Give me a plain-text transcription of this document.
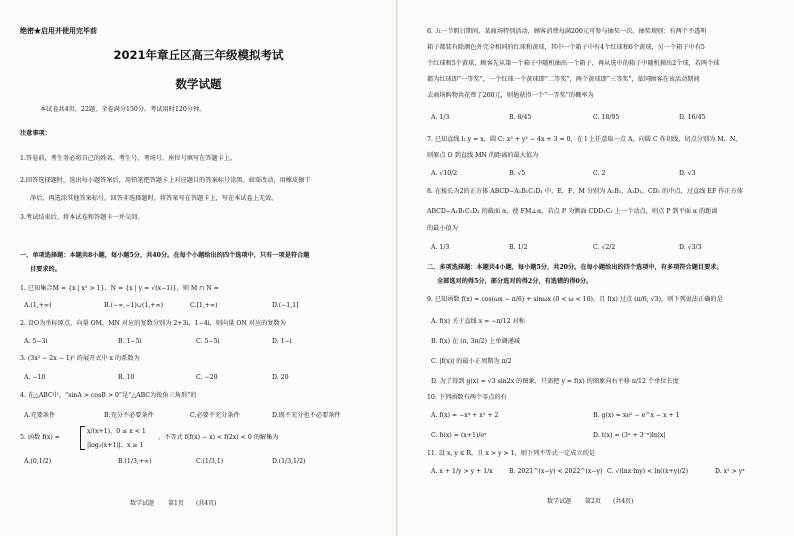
绝密★启用并使用完毕前
2021年章丘区高三年级模拟考试
数学试题
本试卷共4页，22题，全卷满分150分。考试用时120分钟。
注意事项：
1.答卷前，考生务必将自己的姓名、考生号、考场号、座位号填写在答题卡上。
2.回答选择题时，选出每小题答案后，用铅笔把答题卡上对应题目的答案标号涂黑。如需改动，用橡皮擦干
净后，再选涂其他答案标号。回答非选择题时，将答案写在答题卡上，写在本试卷上无效。
3.考试结束后，将本试卷和答题卡一并交回。
一、单项选择题：本题共8小题，每小题5分，共40分。在每个小题给出的四个选项中，只有一项是符合题
目要求的。
1. 已知集合M = {x | x² > 1}，N = {x | y = √(x−1)}，则 M ∩ N =
A.(1,+∞)	B.(−∞,−1)∪(1,+∞)	C.[1,+∞)	D.(−1,1]
2. 设O为坐标原点，向量 OM、MN 对应的复数分别为 2+3i，1−4i，则向量 ON 对应的复数为
A. 5−3i	B. 1−5i	C. 5−5i	D. 1−i
3. (3x² − 2x − 1)⁵ 的展开式中 x 的系数为
A. −10	B. 10	C. −20	D. 20
4. 在△ABC中，“sinA > cosB > 0”是“△ABC为锐角三角形”的
A.充要条件	B.充分不必要条件	C.必要不充分条件	D.既不充分也不必要条件
5. 函数 f(x) =
x/(x+1)，0 ≤ x < 1
|log₂(x+1)|，x ≥ 1
，不等式 f(f(x) − x) < f(2x) < 0 的解集为
A.(0,1/2)	B.(1/3,+∞)	C.(1/3,1)	D.(1/3,1/2)
数学试题 第1页 (共4页)
6. 五一节假日期间，某商场特别活动，顾客消费每满200元可参与抽奖一次。抽奖规则：有两个不透明
箱子都装有除颜色外完全相同的红球和黄球，其中一个箱子中有4个红球和6个黄球，另一个箱子中有5
个红球和5个黄球，顾客先从第一个箱子中随机抽出一个箱子，再从选中的箱子中随机摸出2个球，若两个球
都为红球即“一等奖”，一个红球一个黄球即“二等奖”，两个黄球即“三等奖”，依同顾客在该活动期间
去商场购物共花费了260元，则他获得一个“一等奖”的概率为
A. 1/3	B. 8/45	C. 18/95	D. 16/45
7. 已知直线 l: y = x，圆 C: x² + y² − 4x + 3 = 0，在 l 上任意取一点 A，向圆 C 作切线，切点分别为 M，N，
则原点 O 到直线 MN 的距离的最大值为
A. √10/2	B. √5	C. 2	D. √3
8. 在棱长为2的正方体 ABCD−A₁B₁C₁D₁ 中，E，F，M 分别为 A₁B₁，A₁D₁，CD₁ 的中点，过直线 EF 作正方体
ABCD−A₁B₁C₁D₁ 的截面 α，使 FM⊥α，若点 P 为侧面 CDD₁C₁ 上一个动点，则点 P 到平面 α 的距离
的最小值为
A. 1/3	B. 1/2	C. √2/2	D. √3/3
二、多项选择题：本题共4小题，每小题5分，共20分。在每小题给出的四个选项中，有多项符合题目要求。
全部选对的得5分，部分选对的得2分，有选错的得0分。
9. 已知函数 f(x) = cos(ωx − π/6) + sinωx (0 < ω < 10)，且 f(x) 过点 (π/6, √3)，则下列说法正确的是
A. f(x) 关于直线 x = −π/12 对称
B. f(x) 在 (π, 3π/2) 上单调递减
C. |f(x)| 的最小正周期为 π/2
D. 为了得到 g(x) = √3 sin2x 的图象，只需把 y = f(x) 的图象向右平移 π/12 个单位长度
10. 下列函数有两个零点的有
A. f(x) = −x⁴ + x² + 2	B. g(x) = xe² − e^x − x + 1
C. h(x) = (x+1)/eˣ	D. t(x) = (3ˣ + 3⁻ˣ)ln|x|
11. 设 x, y ∈ R，且 x > y > 1，则下列不等式一定成立的是
A. x + 1/y > y + 1/x	B. 2021^(x−y) < 2022^(x−y) C. √(lnx·lny) < ln((x+y)/2)	D. x² > yˣ
数学试题 第2页 (共4页)
